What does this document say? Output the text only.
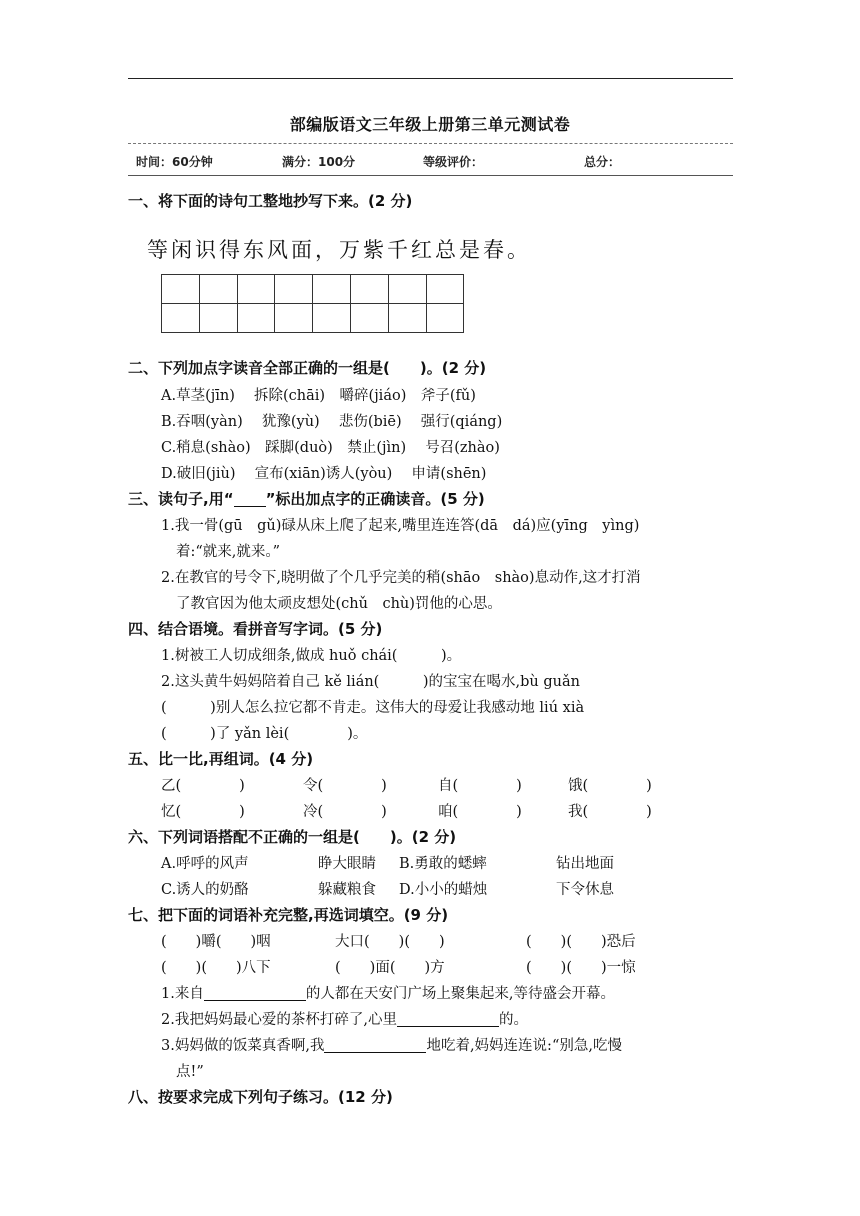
部编版语文三年级上册第三单元测试卷
时间：60分钟	满分：100分	等级评价：	总分：
一、将下面的诗句工整地抄写下来。(2 分)
等闲识得东风面，万紫千红总是春。

二、下列加点字读音全部正确的一组是(　　)。(2 分)
A.草茎(jīn)　 拆除(chāi)　嚼碎(jiáo)　斧子(fǔ)
B.吞咽(yàn)　 犹豫(yù)　 悲伤(biē)　 强行(qiáng)
C.稍息(shào)　踩脚(duò)　禁止(jìn)　 号召(zhào)
D.破旧(jiù)　 宣布(xiān)诱人(yòu)　 申请(shēn)
三、读句子,用“ ”标出加点字的正确读音。(5 分)
1.我一骨(gū　gǔ)碌从床上爬了起来,嘴里连连答(dā　dá)应(yīng　yìng)
着:“就来,就来。”
2.在教官的号令下,晓明做了个几乎完美的稍(shāo　shào)息动作,这才打消
了教官因为他太顽皮想处(chǔ　chù)罚他的心思。
四、结合语境。看拼音写字词。(5 分)
1.树被工人切成细条,做成 huǒ chái(　　　)。
2.这头黄牛妈妈陪着自己 kě lián(　　　)的宝宝在喝水,bù guǎn
(　　　)别人怎么拉它都不肯走。这伟大的母爱让我感动地 liú xià
(　　　)了 yǎn lèi(　　　　)。
五、比一比,再组词。(4 分)
乙(　　　　)	令(　　　　)	自(　　　　)	饿(　　　　)
忆(　　　　)	冷(　　　　)	咱(　　　　)	我(　　　　)
六、下列词语搭配不正确的一组是(　　)。(2 分)
A.呼呼的风声	睁大眼睛 B.勇敢的蟋蟀	钻出地面
C.诱人的奶酪	躲藏粮食 D.小小的蜡烛	下令休息
七、把下面的词语补充完整,再选词填空。(9 分)
(　　)嚼(　　)咽	大口(　　)(　　)	(　　)(　　)恐后
(　　)(　　)八下	(　　)面(　　)方	(　　)(　　)一惊
1.来自	的人都在天安门广场上聚集起来,等待盛会开幕。
2.我把妈妈最心爱的茶杯打碎了,心里	的。
3.妈妈做的饭菜真香啊,我	地吃着,妈妈连连说:“别急,吃慢
点!”
八、按要求完成下列句子练习。(12 分)
